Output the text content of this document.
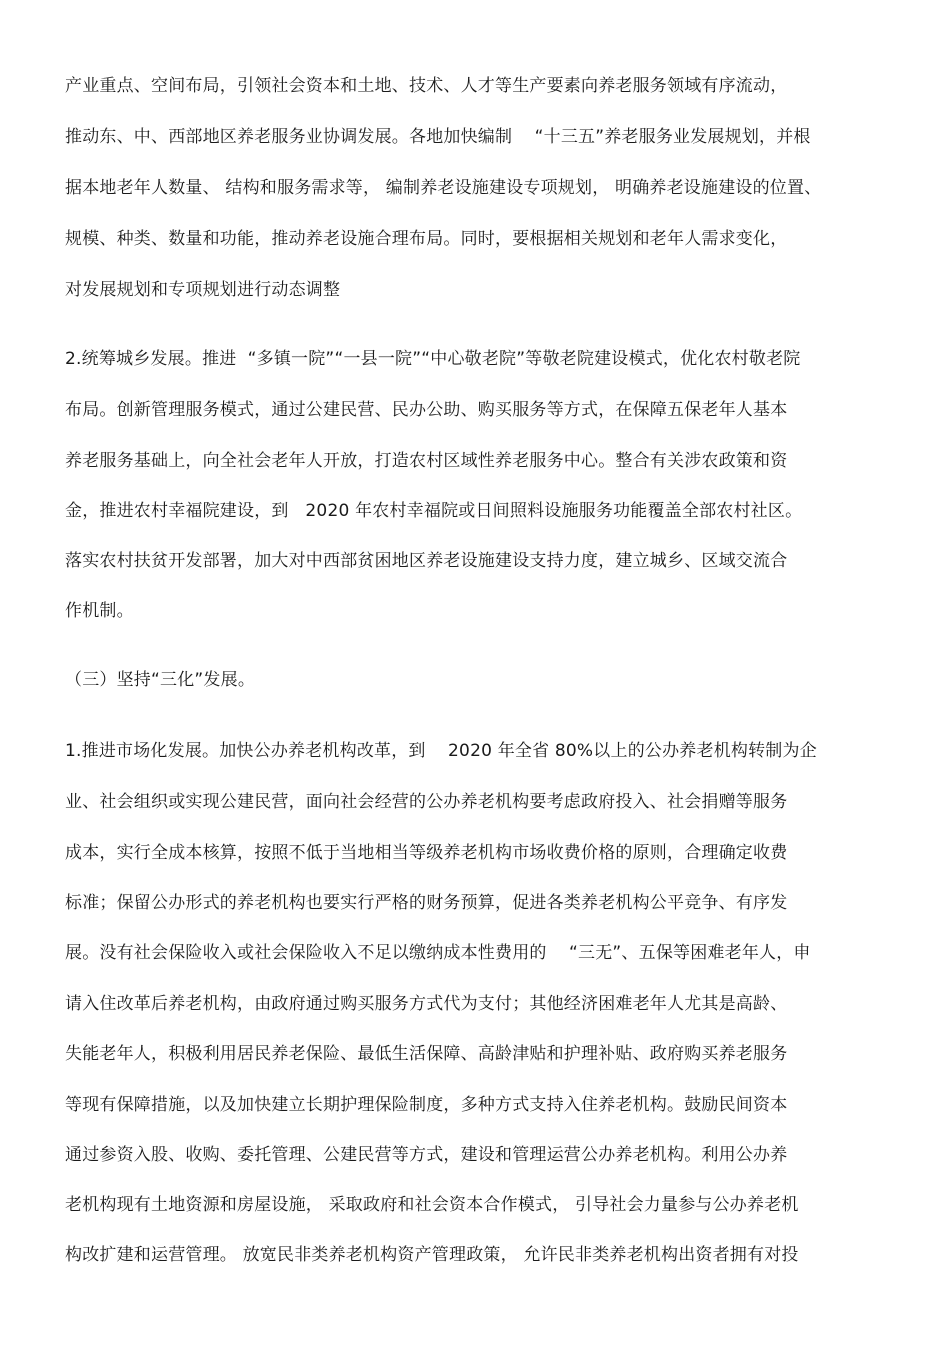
产业重点、空间布局，引领社会资本和土地、技术、人才等生产要素向养老服务领域有序流动，
推动东、中、西部地区养老服务业协调发展。各地加快编制    “十三五”养老服务业发展规划，并根
据本地老年人数量、 结构和服务需求等， 编制养老设施建设专项规划， 明确养老设施建设的位置、
规模、种类、数量和功能，推动养老设施合理布局。同时，要根据相关规划和老年人需求变化，
对发展规划和专项规划进行动态调整
2.统筹城乡发展。推进  “多镇一院”“一县一院”“中心敬老院”等敬老院建设模式，优化农村敬老院
布局。创新管理服务模式，通过公建民营、民办公助、购买服务等方式，在保障五保老年人基本
养老服务基础上，向全社会老年人开放，打造农村区域性养老服务中心。整合有关涉农政策和资
金，推进农村幸福院建设，到   2020 年农村幸福院或日间照料设施服务功能覆盖全部农村社区。
落实农村扶贫开发部署，加大对中西部贫困地区养老设施建设支持力度，建立城乡、区域交流合
作机制。
（三）坚持“三化”发展。
1.推进市场化发展。加快公办养老机构改革，到    2020 年全省 80%以上的公办养老机构转制为企
业、社会组织或实现公建民营，面向社会经营的公办养老机构要考虑政府投入、社会捐赠等服务
成本，实行全成本核算，按照不低于当地相当等级养老机构市场收费价格的原则，合理确定收费
标准；保留公办形式的养老机构也要实行严格的财务预算，促进各类养老机构公平竞争、有序发
展。没有社会保险收入或社会保险收入不足以缴纳成本性费用的    “三无”、五保等困难老年人，申
请入住改革后养老机构，由政府通过购买服务方式代为支付；其他经济困难老年人尤其是高龄、
失能老年人，积极利用居民养老保险、最低生活保障、高龄津贴和护理补贴、政府购买养老服务
等现有保障措施，以及加快建立长期护理保险制度，多种方式支持入住养老机构。鼓励民间资本
通过参资入股、收购、委托管理、公建民营等方式，建设和管理运营公办养老机构。利用公办养
老机构现有土地资源和房屋设施， 采取政府和社会资本合作模式， 引导社会力量参与公办养老机
构改扩建和运营管理。 放宽民非类养老机构资产管理政策， 允许民非类养老机构出资者拥有对投
